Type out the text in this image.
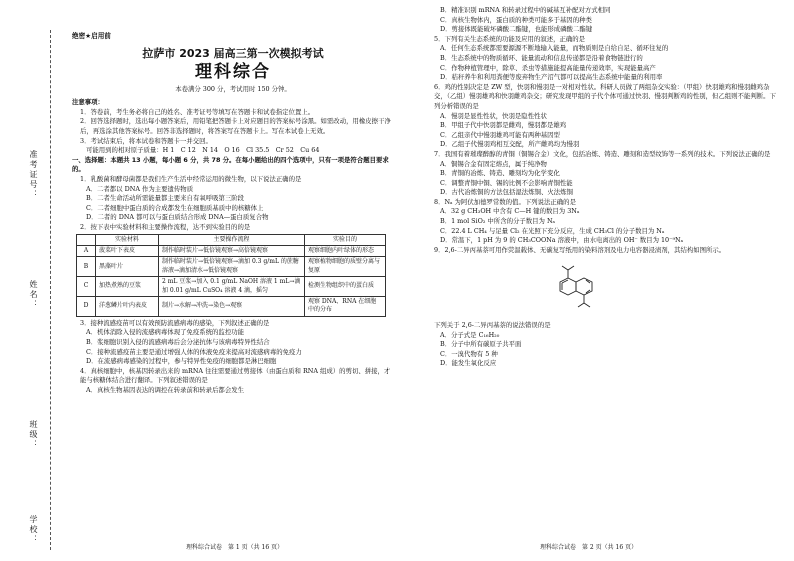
准考证号：
姓名：
班级：
学校：
绝密★启用前
拉萨市 2023 届高三第一次模拟考试
理科综合
本卷满分 300 分，考试用时 150 分钟。
注意事项：
1．答卷前，考生务必将自己的姓名、准考证号等填写在答题卡和试卷指定位置上。
2．回答选择题时，选出每小题答案后，用铅笔把答题卡上对应题目的答案标号涂黑。如需改动，用橡皮擦干净后，再选涂其他答案标号。回答非选择题时，将答案写在答题卡上。写在本试卷上无效。
3．考试结束后，将本试卷和答题卡一并交回。
可能用到的相对原子质量：H 1　C 12　N 14　O 16　Cl 35.5　Cr 52　Cu 64
一、选择题：本题共 13 小题，每小题 6 分，共 78 分。在每小题给出的四个选项中，只有一项是符合题目要求的。
1．乳酸菌和酵母菌都是我们生产生活中经常运用的微生物，以下说法正确的是
A．二者都以 DNA 作为主要遗传物质
B．二者生命活动所需能量都主要来自有氧呼吸第三阶段
C．二者细胞中蛋白质的合成都发生在细胞质基质中的核糖体上
D．二者的 DNA 都可以与蛋白质结合形成 DNA—蛋白质复合物
2．按下表中实验材料和主要操作流程，达不到实验目的的是
	实验材料	主要操作流程	实验目的
A	菠菜叶下表皮	制作临时装片→低倍镜观察→高倍镜观察	观察细胞内叶绿体的形态
B	黑藻叶片	制作临时装片→低倍镜观察→滴加 0.3 g/mL 的蔗糖溶液→滴加清水→低倍镜观察	观察植物细胞的质壁分离与复原
C	加热煮熟的豆浆	2 mL 豆浆→加入 0.1 g/mL NaOH 溶液 1 mL→滴加 0.01 g/mL CuSO₄ 溶液 4 滴，摇匀	检测生物组织中的蛋白质
D	洋葱鳞片叶内表皮	制片→水解→冲洗→染色→观察	观察 DNA、RNA 在细胞中的分布
3．接种流感疫苗可以有效预防流感病毒的感染，下列叙述正确的是
A．机体消除入侵的流感病毒体现了免疫系统的监控功能
B．浆细胞识别入侵的流感病毒后会分泌抗体与该病毒特异性结合
C．接种流感疫苗主要是通过增强人体的体液免疫来提高对流感病毒的免疫力
D．在流感病毒感染的过程中，参与特异性免疫的细胞都是淋巴细胞
4．真核细胞中，核基因转录出来的 mRNA 往往需要通过剪接体（由蛋白质和 RNA 组成）的剪切、拼接，才能与核糖体结合进行翻译。下列叙述错误的是
A．真核生物基因表达的调控在转录前和转录后都会发生
B．精准识别 mRNA 和转录过程中的碱基互补配对方式相同
C．真核生物体内，蛋白质的种类可能多于基因的种类
D．剪接体既能破坏磷酸二酯键，也能形成磷酸二酯键
5．下列有关生态系统的功能及应用的叙述，正确的是
A．任何生态系统都需要源源不断地输入能量，而物质则是自给自足、循环往复的
B．生态系统中的物质循环、能量流动和信息传递都是沿着食物链进行的
C．作物种植管理中，除草、杀虫等措施能提高能量传递效率，实现能量高产
D．秸秆养牛和利用粪便等废弃物生产沼气都可以提高生态系统中能量的利用率
6．鸡的性别决定是 ZW 型，快羽和慢羽是一对相对性状。科研人员做了两组杂交实验：（甲组）快羽雄鸡和慢羽雌鸡杂交，（乙组）慢羽雄鸡和快羽雌鸡杂交；研究发现甲组的子代个体可通过快羽、慢羽判断鸡的性别，但乙组则不能判断。下列分析错误的是
A．慢羽是显性性状，快羽是隐性性状
B．甲组子代中快羽都是雌鸡，慢羽都是雄鸡
C．乙组亲代中慢羽雄鸡可能有两种基因型
D．乙组子代慢羽鸡相互交配，所产雌鸡均为慢羽
7．我国有着璀璨醉醇的青铜（铜锡合金）文化，包括冶炼、铸造、雕刻和造型纹饰等一系列的技术。下列说法正确的是
A．铜锡合金有固定熔点，属于纯净物
B．青铜的冶炼、铸造、雕刻均为化学变化
C．调整青铜中铜、锡的比例不会影响青铜性能
D．古代冶炼铜的方法包括湿法炼铜、火法炼铜
8．Nₐ 为阿伏加德罗常数的值。下列说法正确的是
A．32 g CH₃OH 中含有 C—H 键的数目为 3Nₐ
B．1 mol SiO₂ 中所含的分子数目为 Nₐ
C．22.4 L CH₄ 与足量 Cl₂ 在光照下充分反应，生成 CH₃Cl 的分子数目为 Nₐ
D．常温下，1 pH 为 9 的 CH₃COONa 溶液中，由水电离出的 OH⁻ 数目为 10⁻⁹Nₐ
9．2,6-二异丙基萘可用作荧温载体、无碳复写纸用的染料溶剂及电力电容器浸渍剂，其结构如图所示。
下列关于 2,6-二异丙基萘的说法错误的是
A．分子式是 C₁₆H₂₀
B．分子中所有碳原子共平面
C．一溴代物有 5 种
D．能发生氧化反应
理科综合试卷　第 1 页（共 16 页）	理科综合试卷　第 2 页（共 16 页）
